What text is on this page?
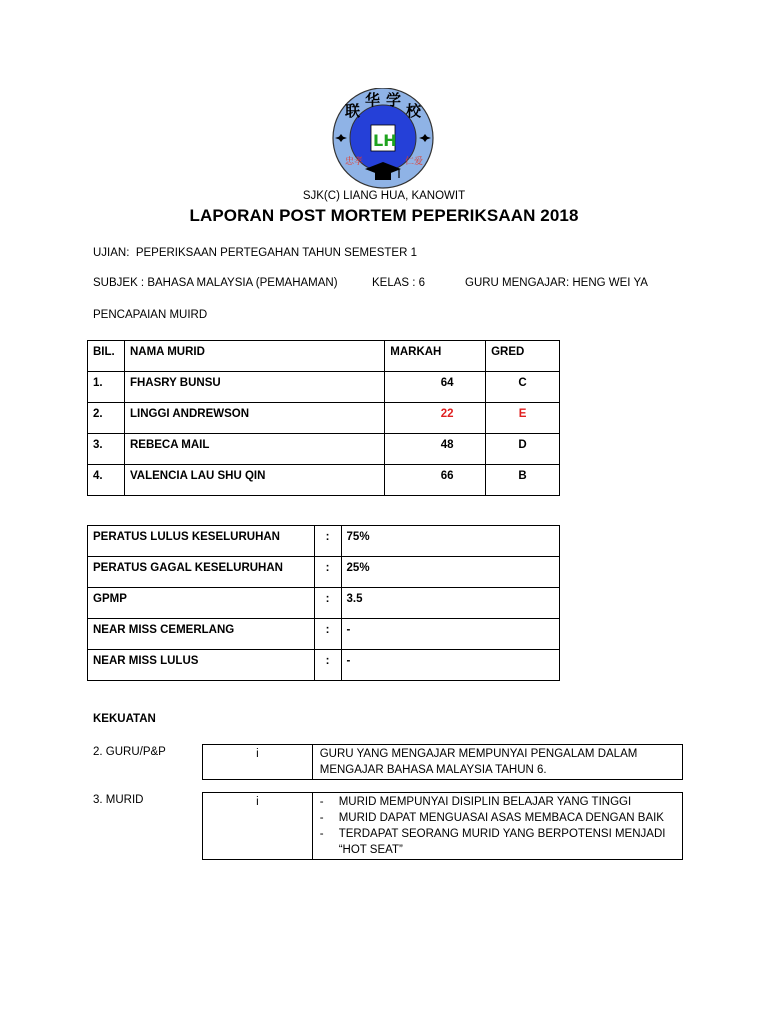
联
华 学
校
LH
忠孝	仁爱
SJK(C) LIANG HUA, KANOWIT
LAPORAN POST MORTEM PEPERIKSAAN 2018
UJIAN: PEPERIKSAAN PERTEGAHAN TAHUN SEMESTER 1
SUBJEK : BAHASA MALAYSIA (PEMAHAMAN)	KELAS : 6	GURU MENGAJAR: HENG WEI YA
PENCAPAIAN MUIRD
BIL.	NAMA MURID	MARKAH	GRED
1.	FHASRY BUNSU	64	C
2.	LINGGI ANDREWSON	22	E
3.	REBECA MAIL	48	D
4.	VALENCIA LAU SHU QIN	66	B
PERATUS LULUS KESELURUHAN	:	75%
PERATUS GAGAL KESELURUHAN	:	25%
GPMP	:	3.5
NEAR MISS CEMERLANG	:	-
NEAR MISS LULUS	:	-
KEKUATAN
2. GURU/P&P	i	GURU YANG MENGAJAR MEMPUNYAI PENGALAM DALAM MENGAJAR BAHASA MALAYSIA TAHUN 6.
3. MURID	i	
-MURID MEMPUNYAI DISIPLIN BELAJAR YANG TINGGI
- MURID DAPAT MENGUASAI ASAS MEMBACA DENGAN BAIK
- TERDAPAT SEORANG MURID YANG BERPOTENSI MENJADI “HOT SEAT”
